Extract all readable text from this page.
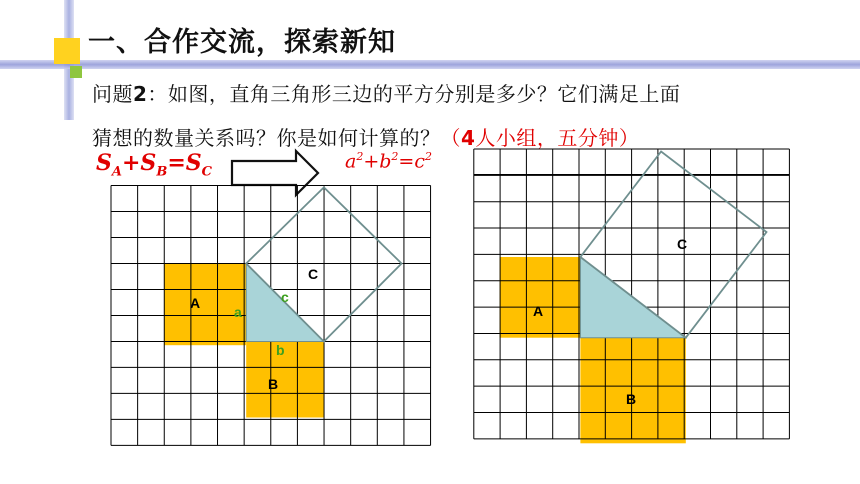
一、合作交流，探索新知
问题2：如图，直角三角形三边的平方分别是多少？它们满足上面
猜想的数量关系吗？你是如何计算的？（4人小组，五分钟）
$S_A+S_B=S_C$	$a^2+b^2=c^2$
A
B
C
a
b
c
A
B
C
